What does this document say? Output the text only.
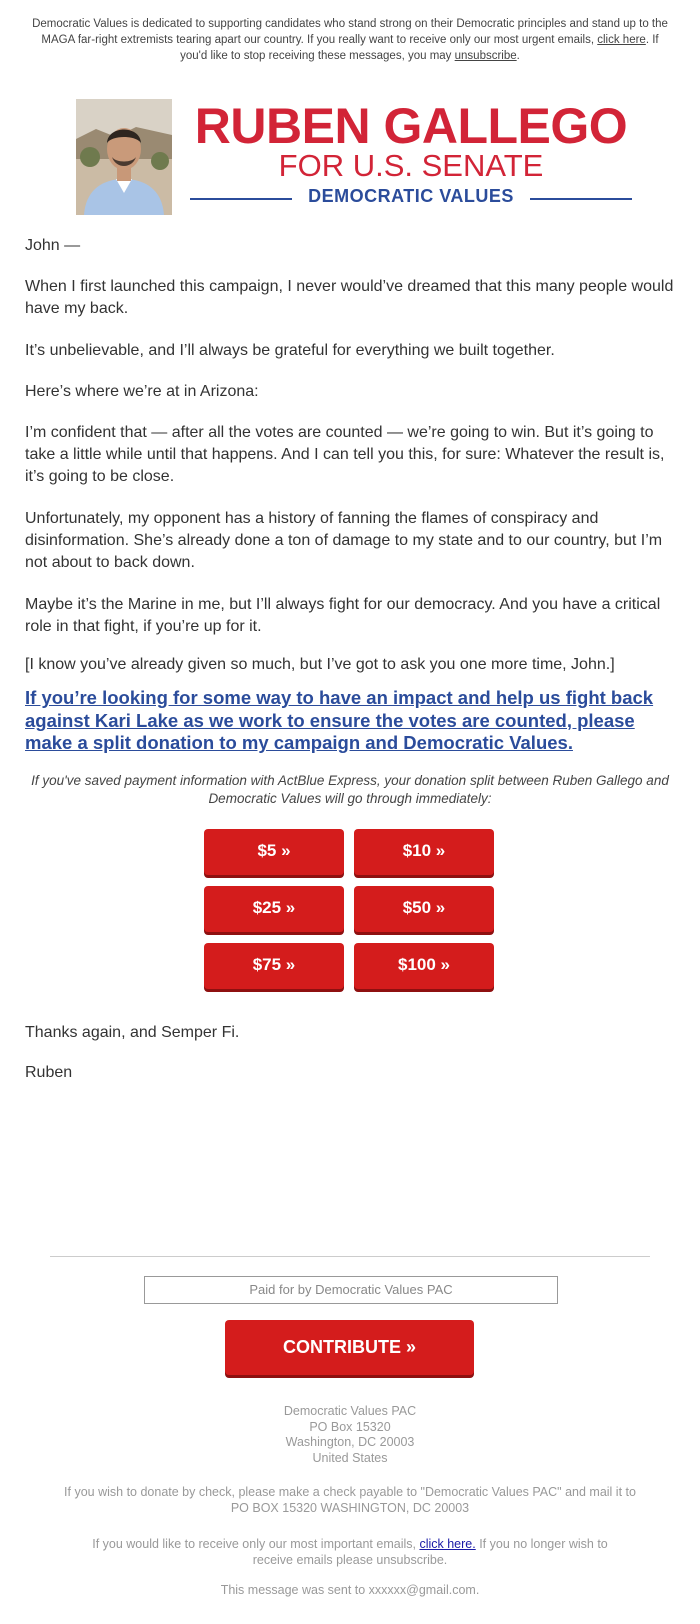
Democratic Values is dedicated to supporting candidates who stand strong on their Democratic principles and stand up to the MAGA far-right extremists tearing apart our country. If you really want to receive only our most urgent emails, click here. If you'd like to stop receiving these messages, you may unsubscribe.
RUBEN GALLEGO
FOR U.S. SENATE
DEMOCRATIC VALUES
John —
When I first launched this campaign, I never would’ve dreamed that this many people would have my back.
It’s unbelievable, and I’ll always be grateful for everything we built together.
Here’s where we’re at in Arizona:
I’m confident that — after all the votes are counted — we’re going to win. But it’s going to take a little while until that happens. And I can tell you this, for sure: Whatever the result is, it’s going to be close.
Unfortunately, my opponent has a history of fanning the flames of conspiracy and disinformation. She’s already done a ton of damage to my state and to our country, but I’m not about to back down.
Maybe it’s the Marine in me, but I’ll always fight for our democracy. And you have a critical role in that fight, if you’re up for it.
[I know you’ve already given so much, but I’ve got to ask you one more time, John.]
If you’re looking for some way to have an impact and help us fight back against Kari Lake as we work to ensure the votes are counted, please make a split donation to my campaign and Democratic Values.
If you've saved payment information with ActBlue Express, your donation split between Ruben Gallego and Democratic Values will go through immediately:
$5 »	$10 »
$25 »	$50 »
$75 »	$100 »
Thanks again, and Semper Fi.
Ruben
Paid for by Democratic Values PAC
CONTRIBUTE »
Democratic Values PAC
PO Box 15320
Washington, DC 20003
United States
If you wish to donate by check, please make a check payable to "Democratic Values PAC" and mail it to PO BOX 15320 WASHINGTON, DC 20003
If you would like to receive only our most important emails, click here. If you no longer wish to receive emails please unsubscribe.
This message was sent to xxxxxx@gmail.com.
